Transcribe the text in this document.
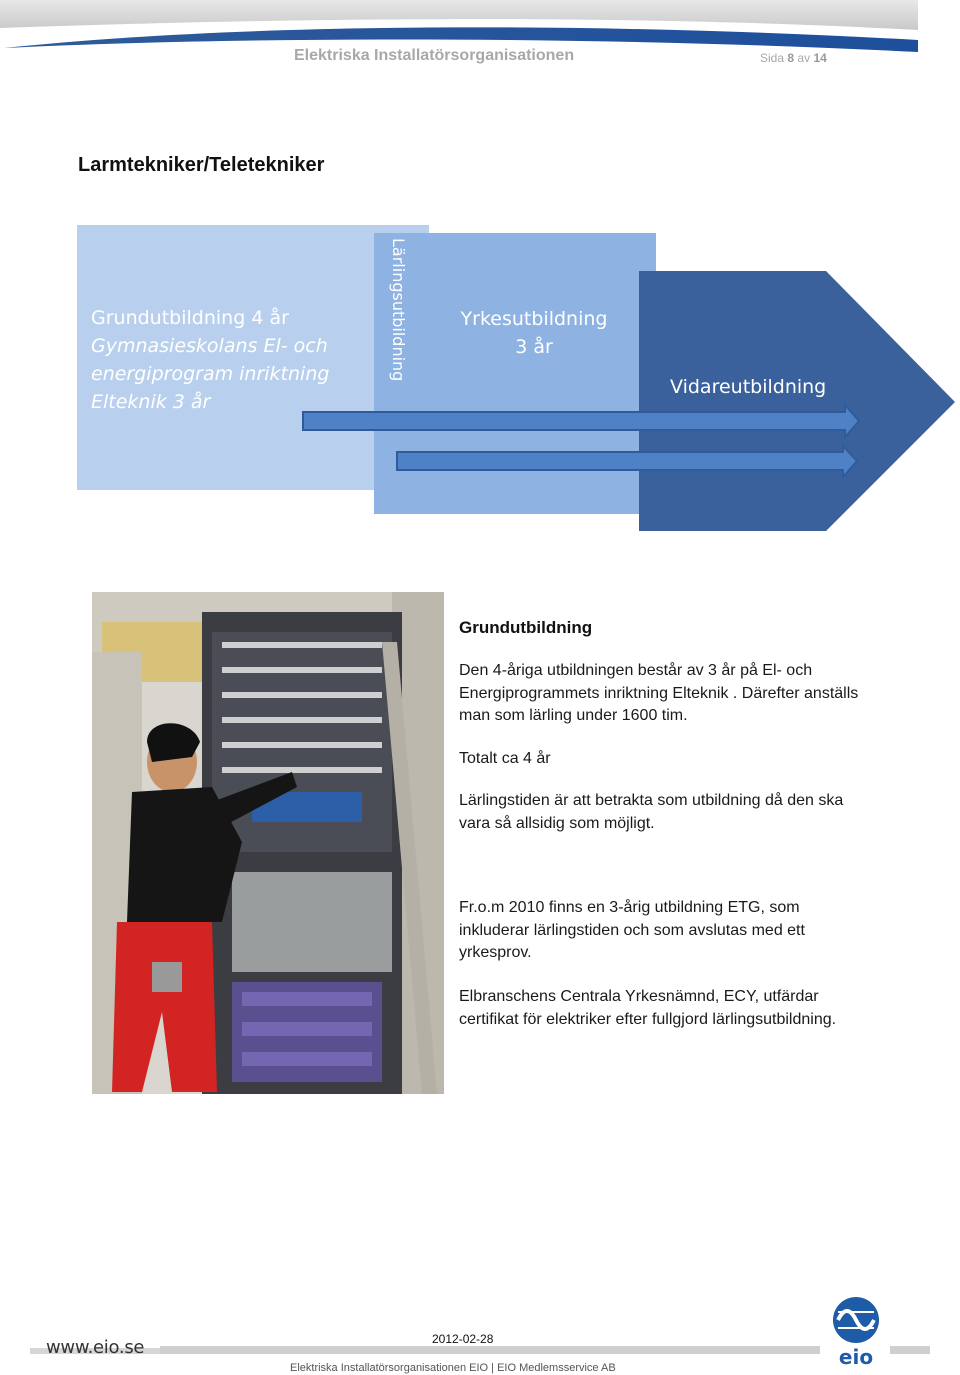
Elektriska Installatörsorganisationen	Sida 8 av 14
Larmtekniker/Teletekniker
Grundutbildning 4 år
Gymnasieskolans El- och
energiprogram inriktning
Elteknik 3 år
Lärlingsutbildning	Yrkesutbildning
3 år
Vidareutbildning
Grundutbildning
Den 4-åriga utbildningen består av 3 år på El- och Energiprogrammets inriktning Elteknik . Därefter anställs man som lärling under 1600 tim.
Totalt ca 4 år
Lärlingstiden är att betrakta som utbildning då den ska vara så allsidig som möjligt.
Fr.o.m 2010 finns en 3-årig utbildning ETG, som inkluderar lärlingstiden och som avslutas med ett yrkesprov.
Elbranschens Centrala Yrkesnämnd, ECY, utfärdar certifikat för elektriker efter fullgjord lärlingsutbildning.
www.eio.se	2012-02-28
Elektriska Installatörsorganisationen EIO | EIO Medlemsservice AB	eio
